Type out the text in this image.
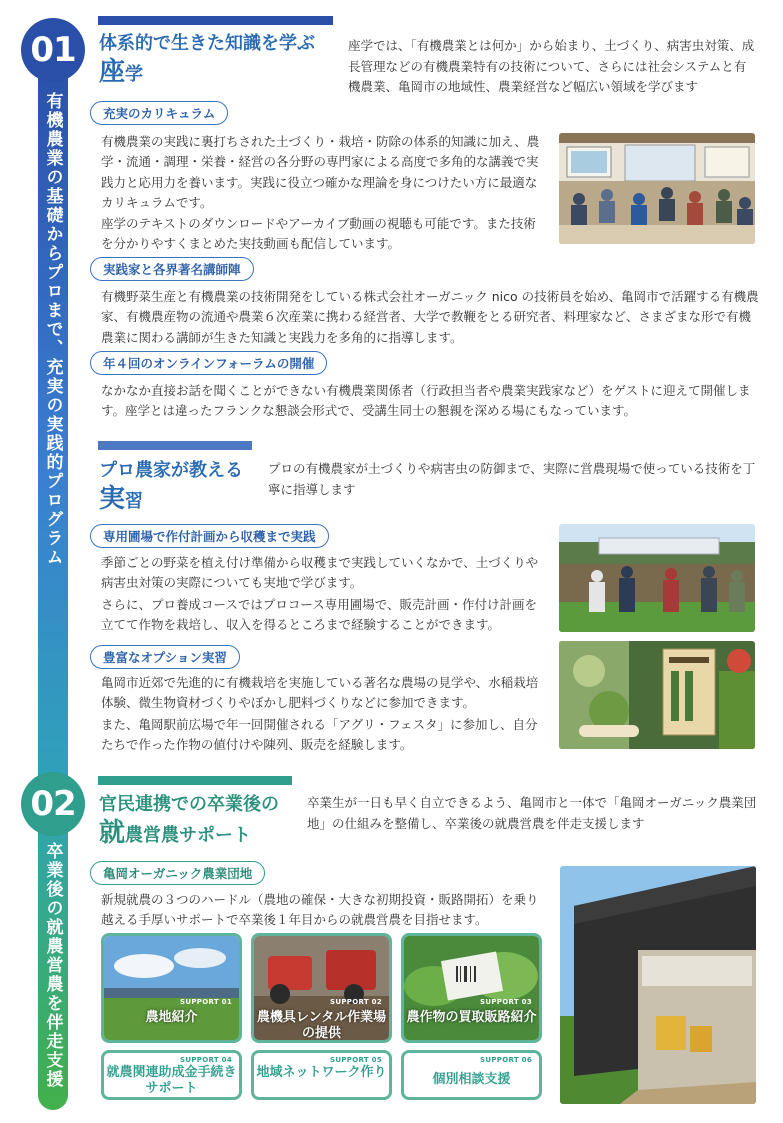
01
有機農業の基礎からプロまで、充実の実践的プログラム
02
卒業後の就農営農を伴走支援
体系的で生きた知識を学ぶ
座学
座学では、「有機農業とは何か」から始まり、土づくり、病害虫対策、成長管理などの有機農業特有の技術について、さらには社会システムと有機農業、亀岡市の地域性、農業経営など幅広い領域を学びます
充実のカリキュラム
有機農業の実践に裏打ちされた土づくり・栽培・防除の体系的知識に加え、農学・流通・調理・栄養・経営の各分野の専門家による高度で多角的な講義で実践力と応用力を養います。実践に役立つ確かな理論を身につけたい方に最適なカリキュラムです。
座学のテキストのダウンロードやアーカイブ動画の視聴も可能です。また技術を分かりやすくまとめた実技動画も配信しています。
実践家と各界著名講師陣
有機野菜生産と有機農業の技術開発をしている株式会社オーガニック nico の技術員を始め、亀岡市で活躍する有機農家、有機農産物の流通や農業６次産業に携わる経営者、大学で教鞭をとる研究者、料理家など、さまざまな形で有機農業に関わる講師が生きた知識と実践力を多角的に指導します。
年４回のオンラインフォーラムの開催
なかなか直接お話を聞くことができない有機農業関係者（行政担当者や農業実践家など）をゲストに迎えて開催します。座学とは違ったフランクな懇談会形式で、受講生同士の懇親を深める場にもなっています。
プロ農家が教える
実習
プロの有機農家が土づくりや病害虫の防御まで、実際に営農現場で使っている技術を丁寧に指導します
専用圃場で作付計画から収穫まで実践
季節ごとの野菜を植え付け準備から収穫まで実践していくなかで、土づくりや病害虫対策の実際についても実地で学びます。
さらに、プロ養成コースではプロコース専用圃場で、販売計画・作付け計画を立てて作物を栽培し、収入を得るところまで経験することができます。
豊富なオプション実習
亀岡市近郊で先進的に有機栽培を実施している著名な農場の見学や、水稲栽培体験、微生物資材づくりやぼかし肥料づくりなどに参加できます。
また、亀岡駅前広場で年一回開催される「アグリ・フェスタ」に参加し、自分たちで作った作物の値付けや陳列、販売を経験します。
官民連携での卒業後の
就農営農サポート
卒業生が一日も早く自立できるよう、亀岡市と一体で「亀岡オーガニック農業団地」の仕組みを整備し、卒業後の就農営農を伴走支援します
亀岡オーガニック農業団地
新規就農の３つのハードル（農地の確保・大きな初期投資・販路開拓）を乗り越える手厚いサポートで卒業後１年目からの就農営農を目指せます。
SUPPORT 01
農地紹介
SUPPORT 02
農機具レンタル作業場の提供
SUPPORT 03
農作物の買取販路紹介
SUPPORT 04
就農関連助成金手続きサポート
SUPPORT 05
地域ネットワーク作り
SUPPORT 06
個別相談支援
